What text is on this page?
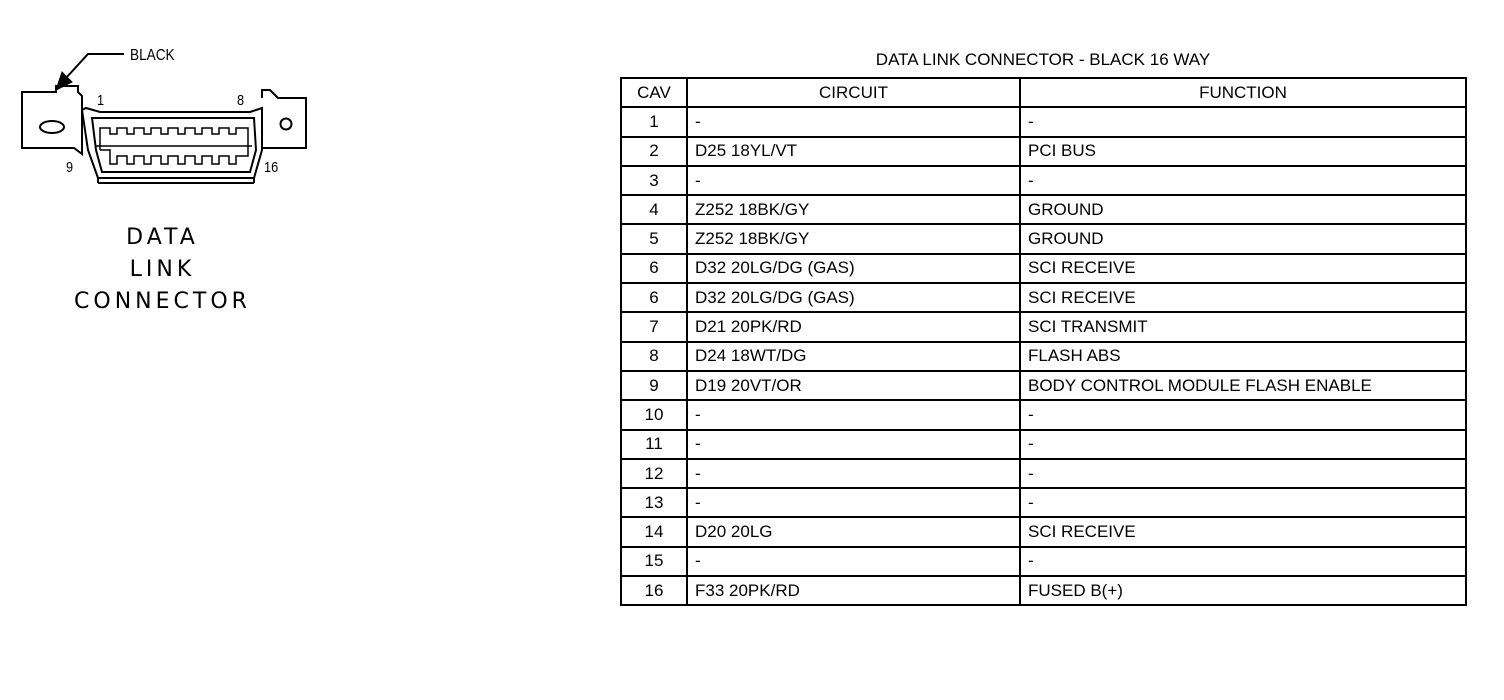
BLACK
1	8
9	16
DATA
LINK
CONNECTOR
DATA LINK CONNECTOR - BLACK 16 WAY
CAV	CIRCUIT	FUNCTION
1	-	-
2	D25 18YL/VT	PCI BUS
3	-	-
4	Z252 18BK/GY	GROUND
5	Z252 18BK/GY	GROUND
6	D32 20LG/DG (GAS)	SCI RECEIVE
6	D32 20LG/DG (GAS)	SCI RECEIVE
7	D21 20PK/RD	SCI TRANSMIT
8	D24 18WT/DG	FLASH ABS
9	D19 20VT/OR	BODY CONTROL MODULE FLASH ENABLE
10	-	-
11	-	-
12	-	-
13	-	-
14	D20 20LG	SCI RECEIVE
15	-	-
16	F33 20PK/RD	FUSED B(+)
